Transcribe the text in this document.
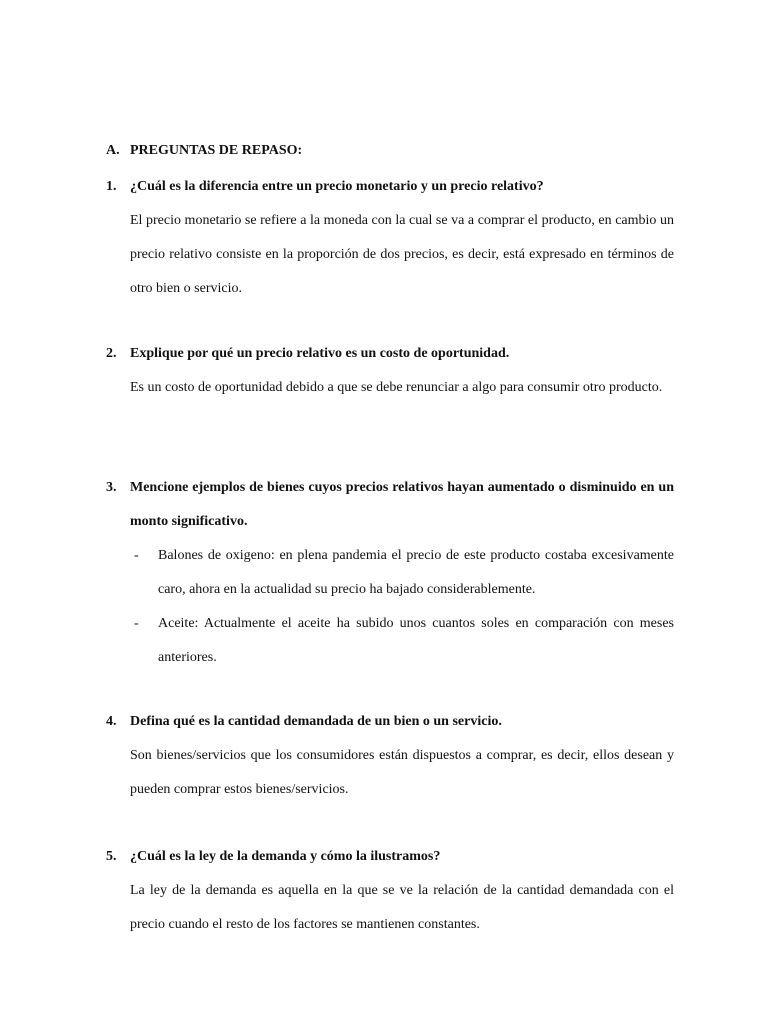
A. PREGUNTAS DE REPASO:
1. ¿Cuál es la diferencia entre un precio monetario y un precio relativo?
El precio monetario se refiere a la moneda con la cual se va a comprar el producto, en cambio un precio relativo consiste en la proporción de dos precios, es decir, está expresado en términos de otro bien o servicio.
2. Explique por qué un precio relativo es un costo de oportunidad.
Es un costo de oportunidad debido a que se debe renunciar a algo para consumir otro producto.
3. Mencione ejemplos de bienes cuyos precios relativos hayan aumentado o disminuido en un monto significativo.
- Balones de oxigeno: en plena pandemia el precio de este producto costaba excesivamente caro, ahora en la actualidad su precio ha bajado considerablemente.
- Aceite: Actualmente el aceite ha subido unos cuantos soles en comparación con meses anteriores.
4. Defina qué es la cantidad demandada de un bien o un servicio.
Son bienes/servicios que los consumidores están dispuestos a comprar, es decir, ellos desean y pueden comprar estos bienes/servicios.
5. ¿Cuál es la ley de la demanda y cómo la ilustramos?
La ley de la demanda es aquella en la que se ve la relación de la cantidad demandada con el precio cuando el resto de los factores se mantienen constantes.
